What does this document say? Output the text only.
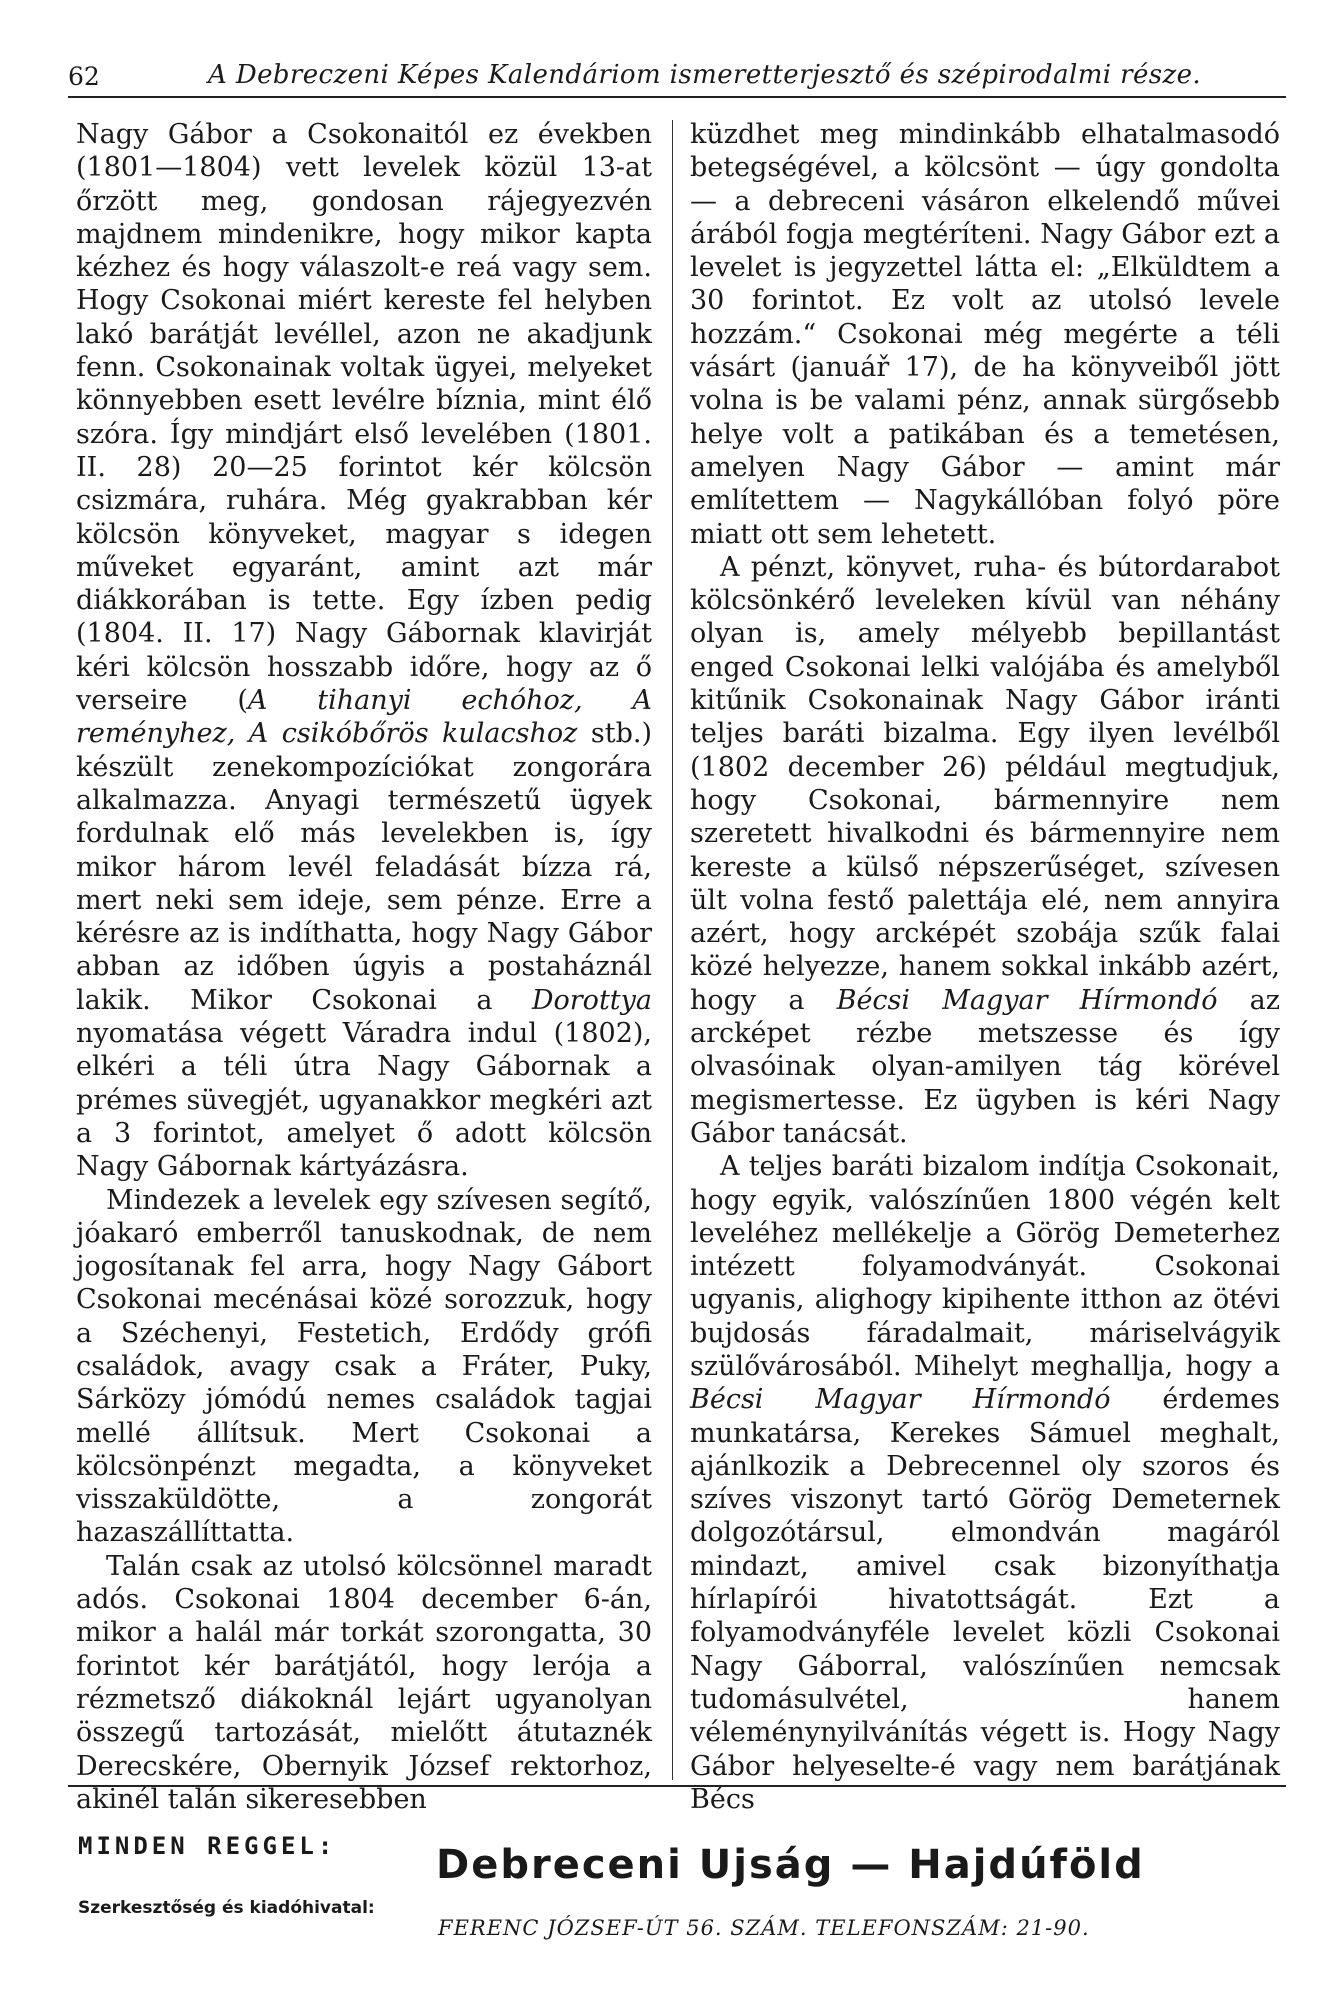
62	A Debreczeni Képes Kalendáriom ismeretterjesztő és szépirodalmi része.

Nagy Gábor a Csokonaitól ez években (1801—1804) vett levelek közül 13-at őrzött meg, gondosan rájegyezvén majdnem mindenikre, hogy mikor kapta kézhez és hogy válaszolt-e reá vagy sem. Hogy Csokonai miért kereste fel helyben lakó barátját levéllel, azon ne akadjunk fenn. Csokonainak voltak ügyei, melyeket könnyebben esett levélre bíznia, mint élő szóra. Így mindjárt első levelében (1801. II. 28) 20—25 forintot kér kölcsön csizmára, ruhára. Még gyakrabban kér kölcsön könyveket, magyar s idegen műveket egyaránt, amint azt már diákkorában is tette. Egy ízben pedig (1804. II. 17) Nagy Gábornak klavirját kéri kölcsön hosszabb időre, hogy az ő verseire (A tihanyi echóhoz, A reményhez, A csikóbőrös kulacshoz stb.) készült zenekompozíciókat zongorára alkalmazza. Anyagi természetű ügyek fordulnak elő más levelekben is, így mikor három levél feladását bízza rá, mert neki sem ideje, sem pénze. Erre a kérésre az is indíthatta, hogy Nagy Gábor abban az időben úgyis a postaháznál lakik. Mikor Csokonai a Dorottya nyomatása végett Váradra indul (1802), elkéri a téli útra Nagy Gábornak a prémes süvegjét, ugyanakkor megkéri azt a 3 forintot, amelyet ő adott kölcsön Nagy Gábornak kártyázásra.

Mindezek a levelek egy szívesen segítő, jóakaró emberről tanuskodnak, de nem jogosítanak fel arra, hogy Nagy Gábort Csokonai mecénásai közé sorozzuk, hogy a Széchenyi, Festetich, Erdődy grófi családok, avagy csak a Fráter, Puky, Sárközy jómódú nemes családok tagjai mellé állítsuk. Mert Csokonai a kölcsönpénzt megadta, a könyveket visszaküldötte, a zongorát hazaszállíttatta.

Talán csak az utolsó kölcsönnel maradt adós. Csokonai 1804 december 6-án, mikor a halál már torkát szorongatta, 30 forintot kér barátjától, hogy lerója a rézmetsző diákoknál lejárt ugyanolyan összegű tartozását, mielőtt átutaznék Derecskére, Obernyik József rektorhoz, akinél talán sikeresebben

küzdhet meg mindinkább elhatalmasodó betegségével, a kölcsönt — úgy gondolta — a debreceni vásáron elkelendő művei árából fogja megtéríteni. Nagy Gábor ezt a levelet is jegyzettel látta el: „Elküldtem a 30 forintot. Ez volt az utolsó levele hozzám.“ Csokonai még megérte a téli vásárt (januář 17), de ha könyveiből jött volna is be valami pénz, annak sürgősebb helye volt a patikában és a temetésen, amelyen Nagy Gábor — amint már említettem — Nagykállóban folyó pöre miatt ott sem lehetett.

A pénzt, könyvet, ruha- és bútordarabot kölcsönkérő leveleken kívül van néhány olyan is, amely mélyebb bepillantást enged Csokonai lelki valójába és amelyből kitűnik Csokonainak Nagy Gábor iránti teljes baráti bizalma. Egy ilyen levélből (1802 december 26) például megtudjuk, hogy Csokonai, bármennyire nem szeretett hivalkodni és bármennyire nem kereste a külső népszerűséget, szívesen ült volna festő palettája elé, nem annyira azért, hogy arcképét szobája szűk falai közé helyezze, hanem sokkal inkább azért, hogy a Bécsi Magyar Hírmondó az arcképet rézbe metszesse és így olvasóinak olyan-amilyen tág körével megismertesse. Ez ügyben is kéri Nagy Gábor tanácsát.

A teljes baráti bizalom indítja Csokonait, hogy egyik, valószínűen 1800 végén kelt leveléhez mellékelje a Görög Demeterhez intézett folyamodványát. Csokonai ugyanis, alighogy kipihente itthon az ötévi bujdosás fáradalmait, máriselvágyik szülővárosából. Mihelyt meghallja, hogy a Bécsi Magyar Hírmondó érdemes munkatársa, Kerekes Sámuel meghalt, ajánlkozik a Debrecennel oly szoros és szíves viszonyt tartó Görög Demeternek dolgozótársul, elmondván magáról mindazt, amivel csak bizonyíthatja hírlapírói hivatottságát. Ezt a folyamodványféle levelet közli Csokonai Nagy Gáborral, valószínűen nemcsak tudomásulvétel, hanem véleménynyilvánítás végett is. Hogy Nagy Gábor helyeselte-é vagy nem barátjának Bécs

MINDEN REGGEL: Debreceni Ujság — Hajdúföld
Szerkesztőség és kiadóhivatal:
FERENC JÓZSEF-ÚT 56. SZÁM. TELEFONSZÁM: 21-90.
